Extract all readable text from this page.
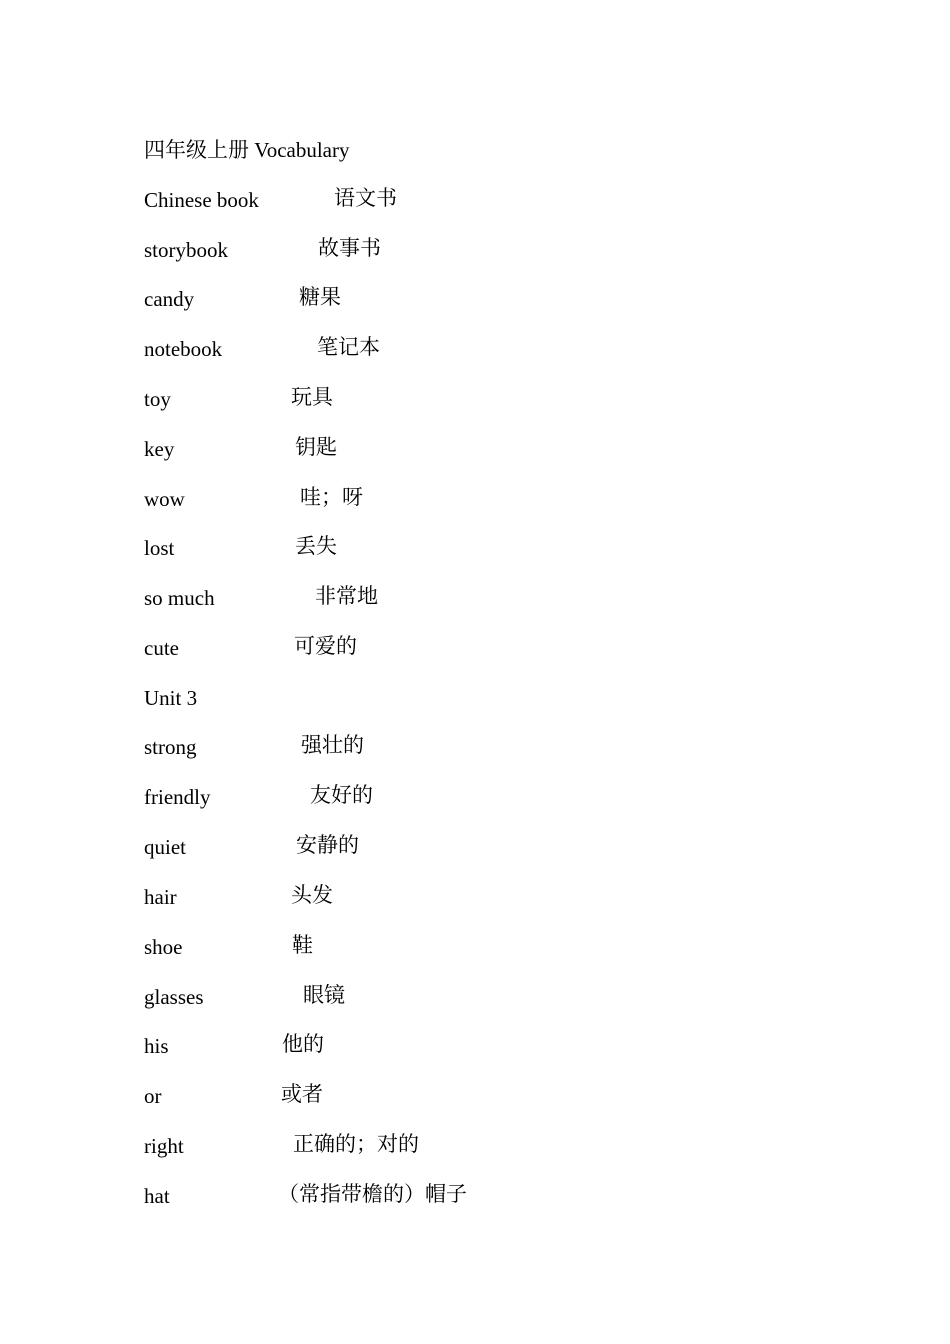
四年级上册 Vocabulary
Chinese book	语文书
storybook	故事书
candy	糖果
notebook	笔记本
toy	玩具
key	钥匙
wow	哇；呀
lost	丢失
so much	非常地
cute	可爱的
Unit 3
strong	强壮的
friendly	友好的
quiet	安静的
hair	头发
shoe	鞋
glasses	眼镜
his	他的
or	或者
right	正确的；对的
hat	（常指带檐的）帽子
